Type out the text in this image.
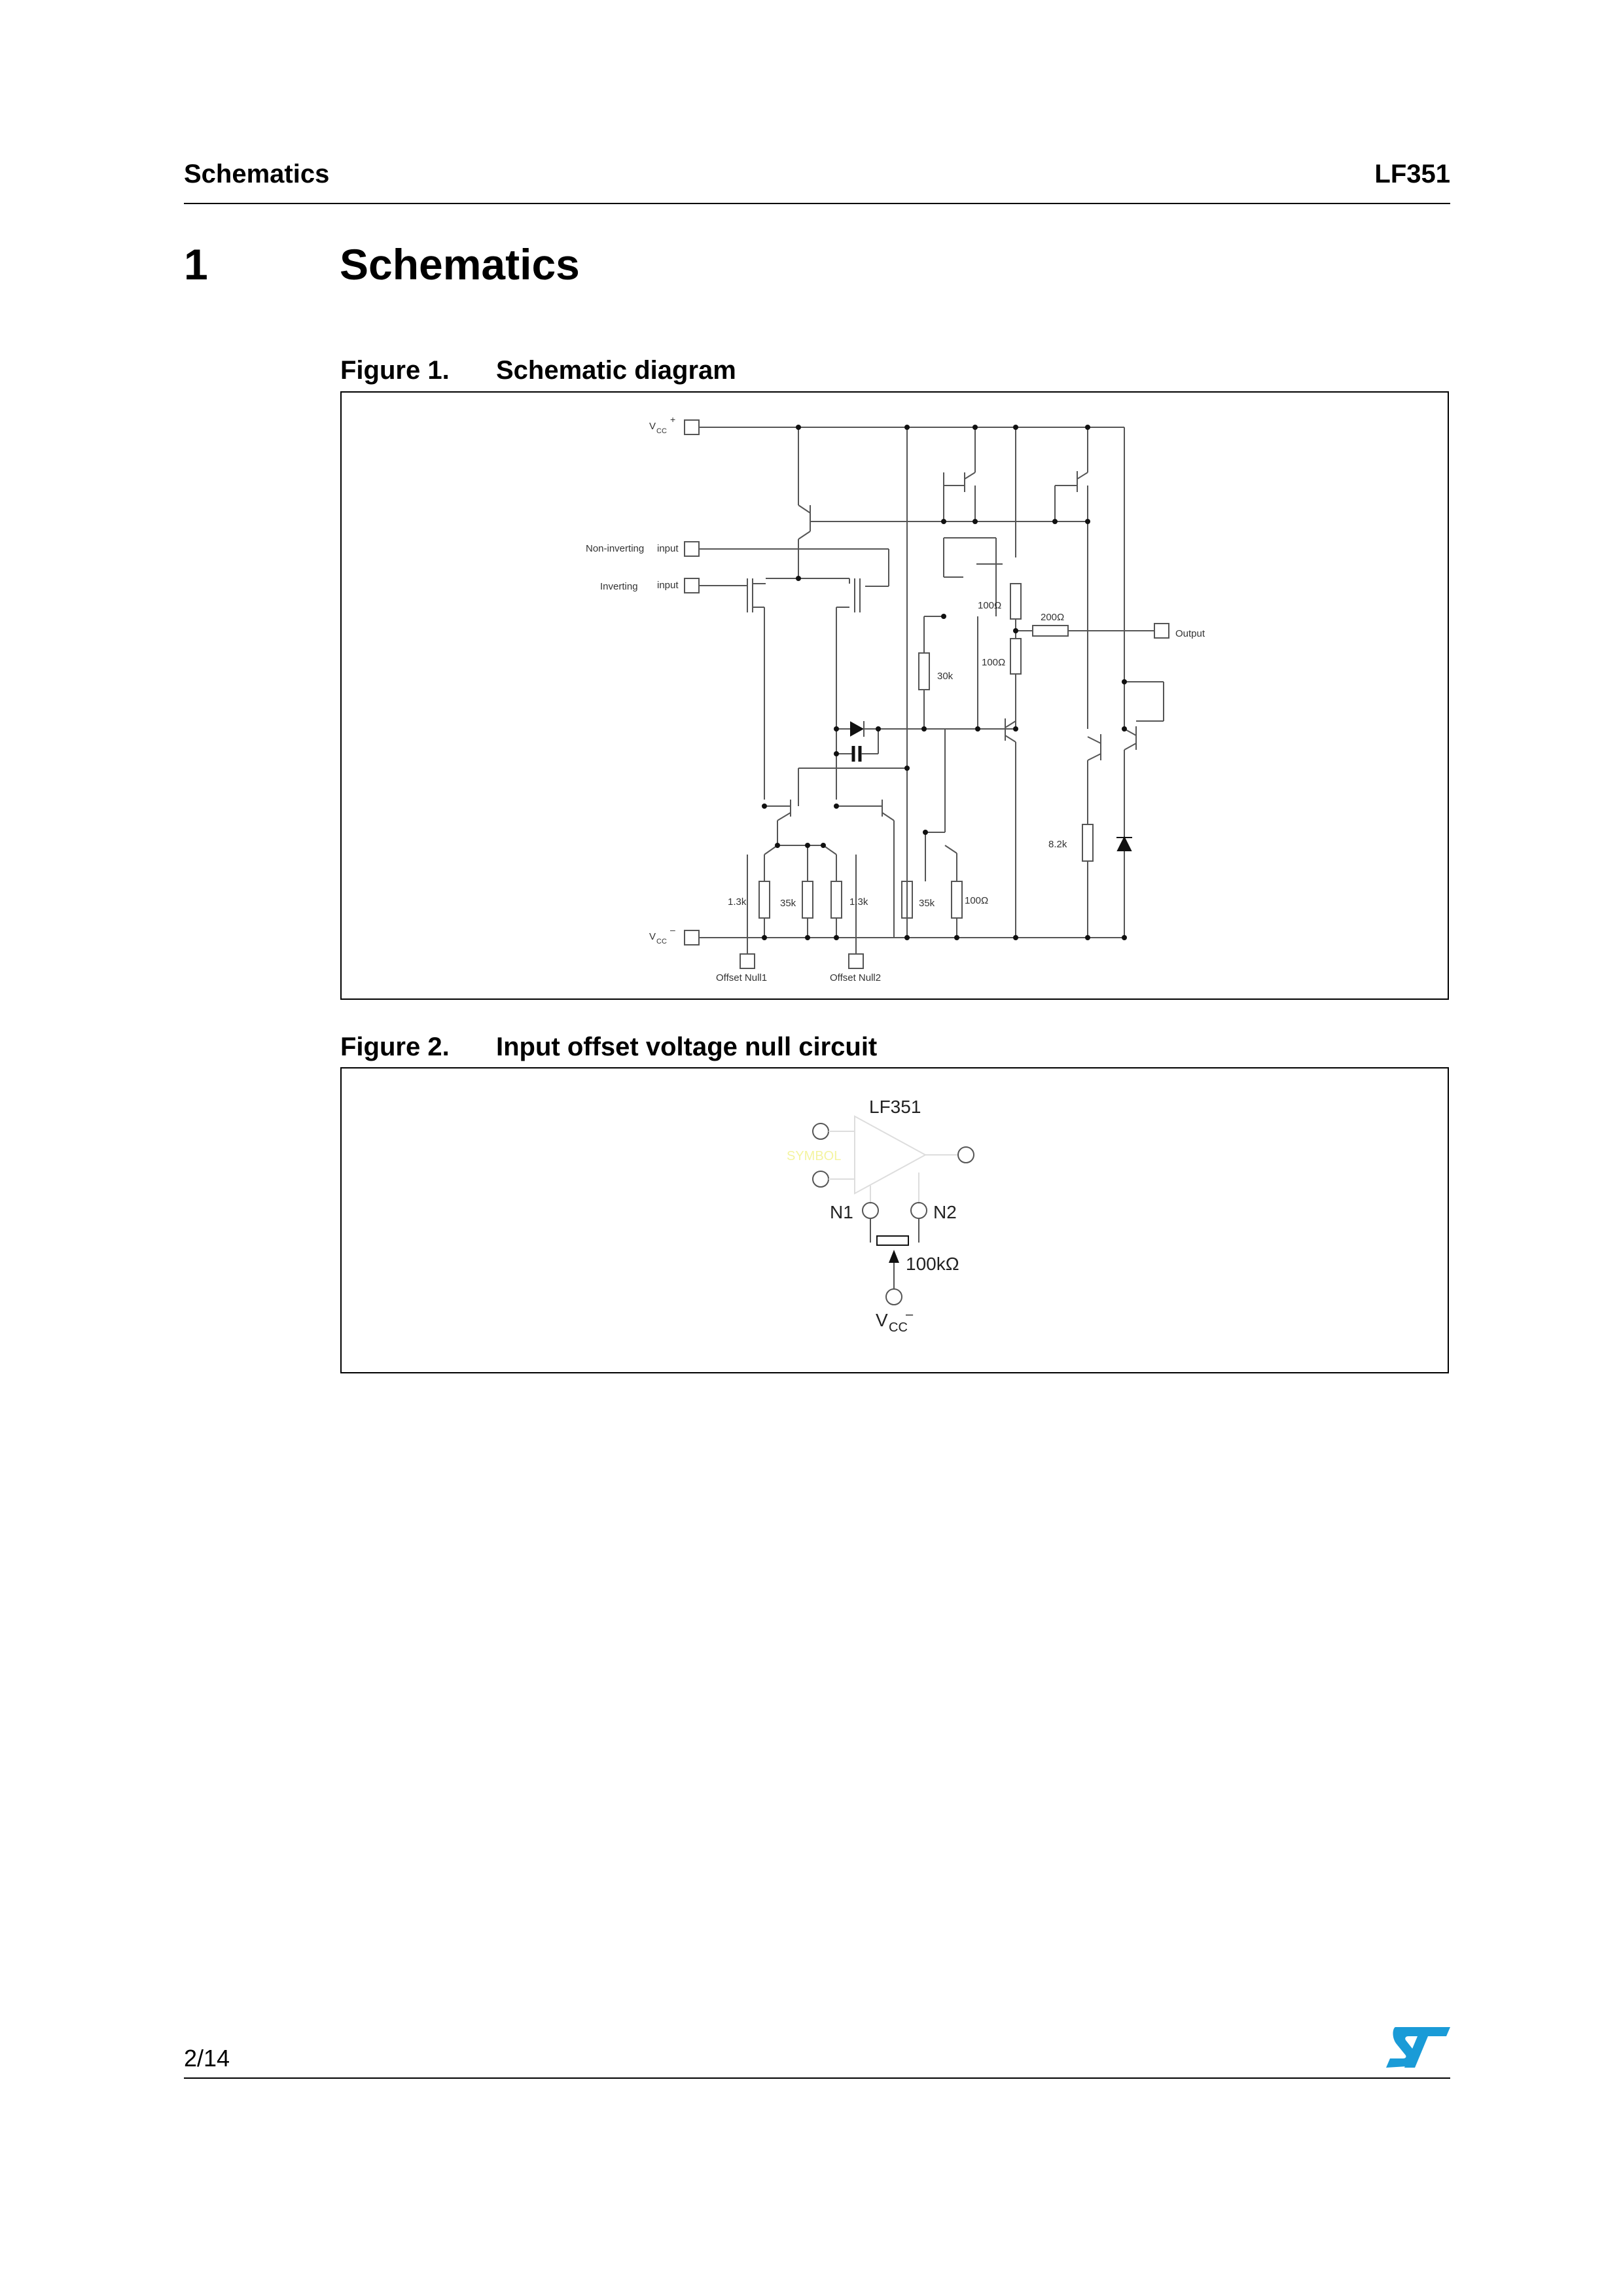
Schematics	LF351
1	Schematics
Figure 1. Schematic diagram
V CC
+
Non-inverting input
Inverting input
Output
100Ω
200Ω
100Ω
30k
8.2k
1.3k	35k	1.3k	35k	100Ω
V CC
–
Offset Null1	Offset Null2
Figure 2. Input offset voltage null circuit
LF351
SYMBOL
N1	N2
100kΩ
V CC
–
2/14
